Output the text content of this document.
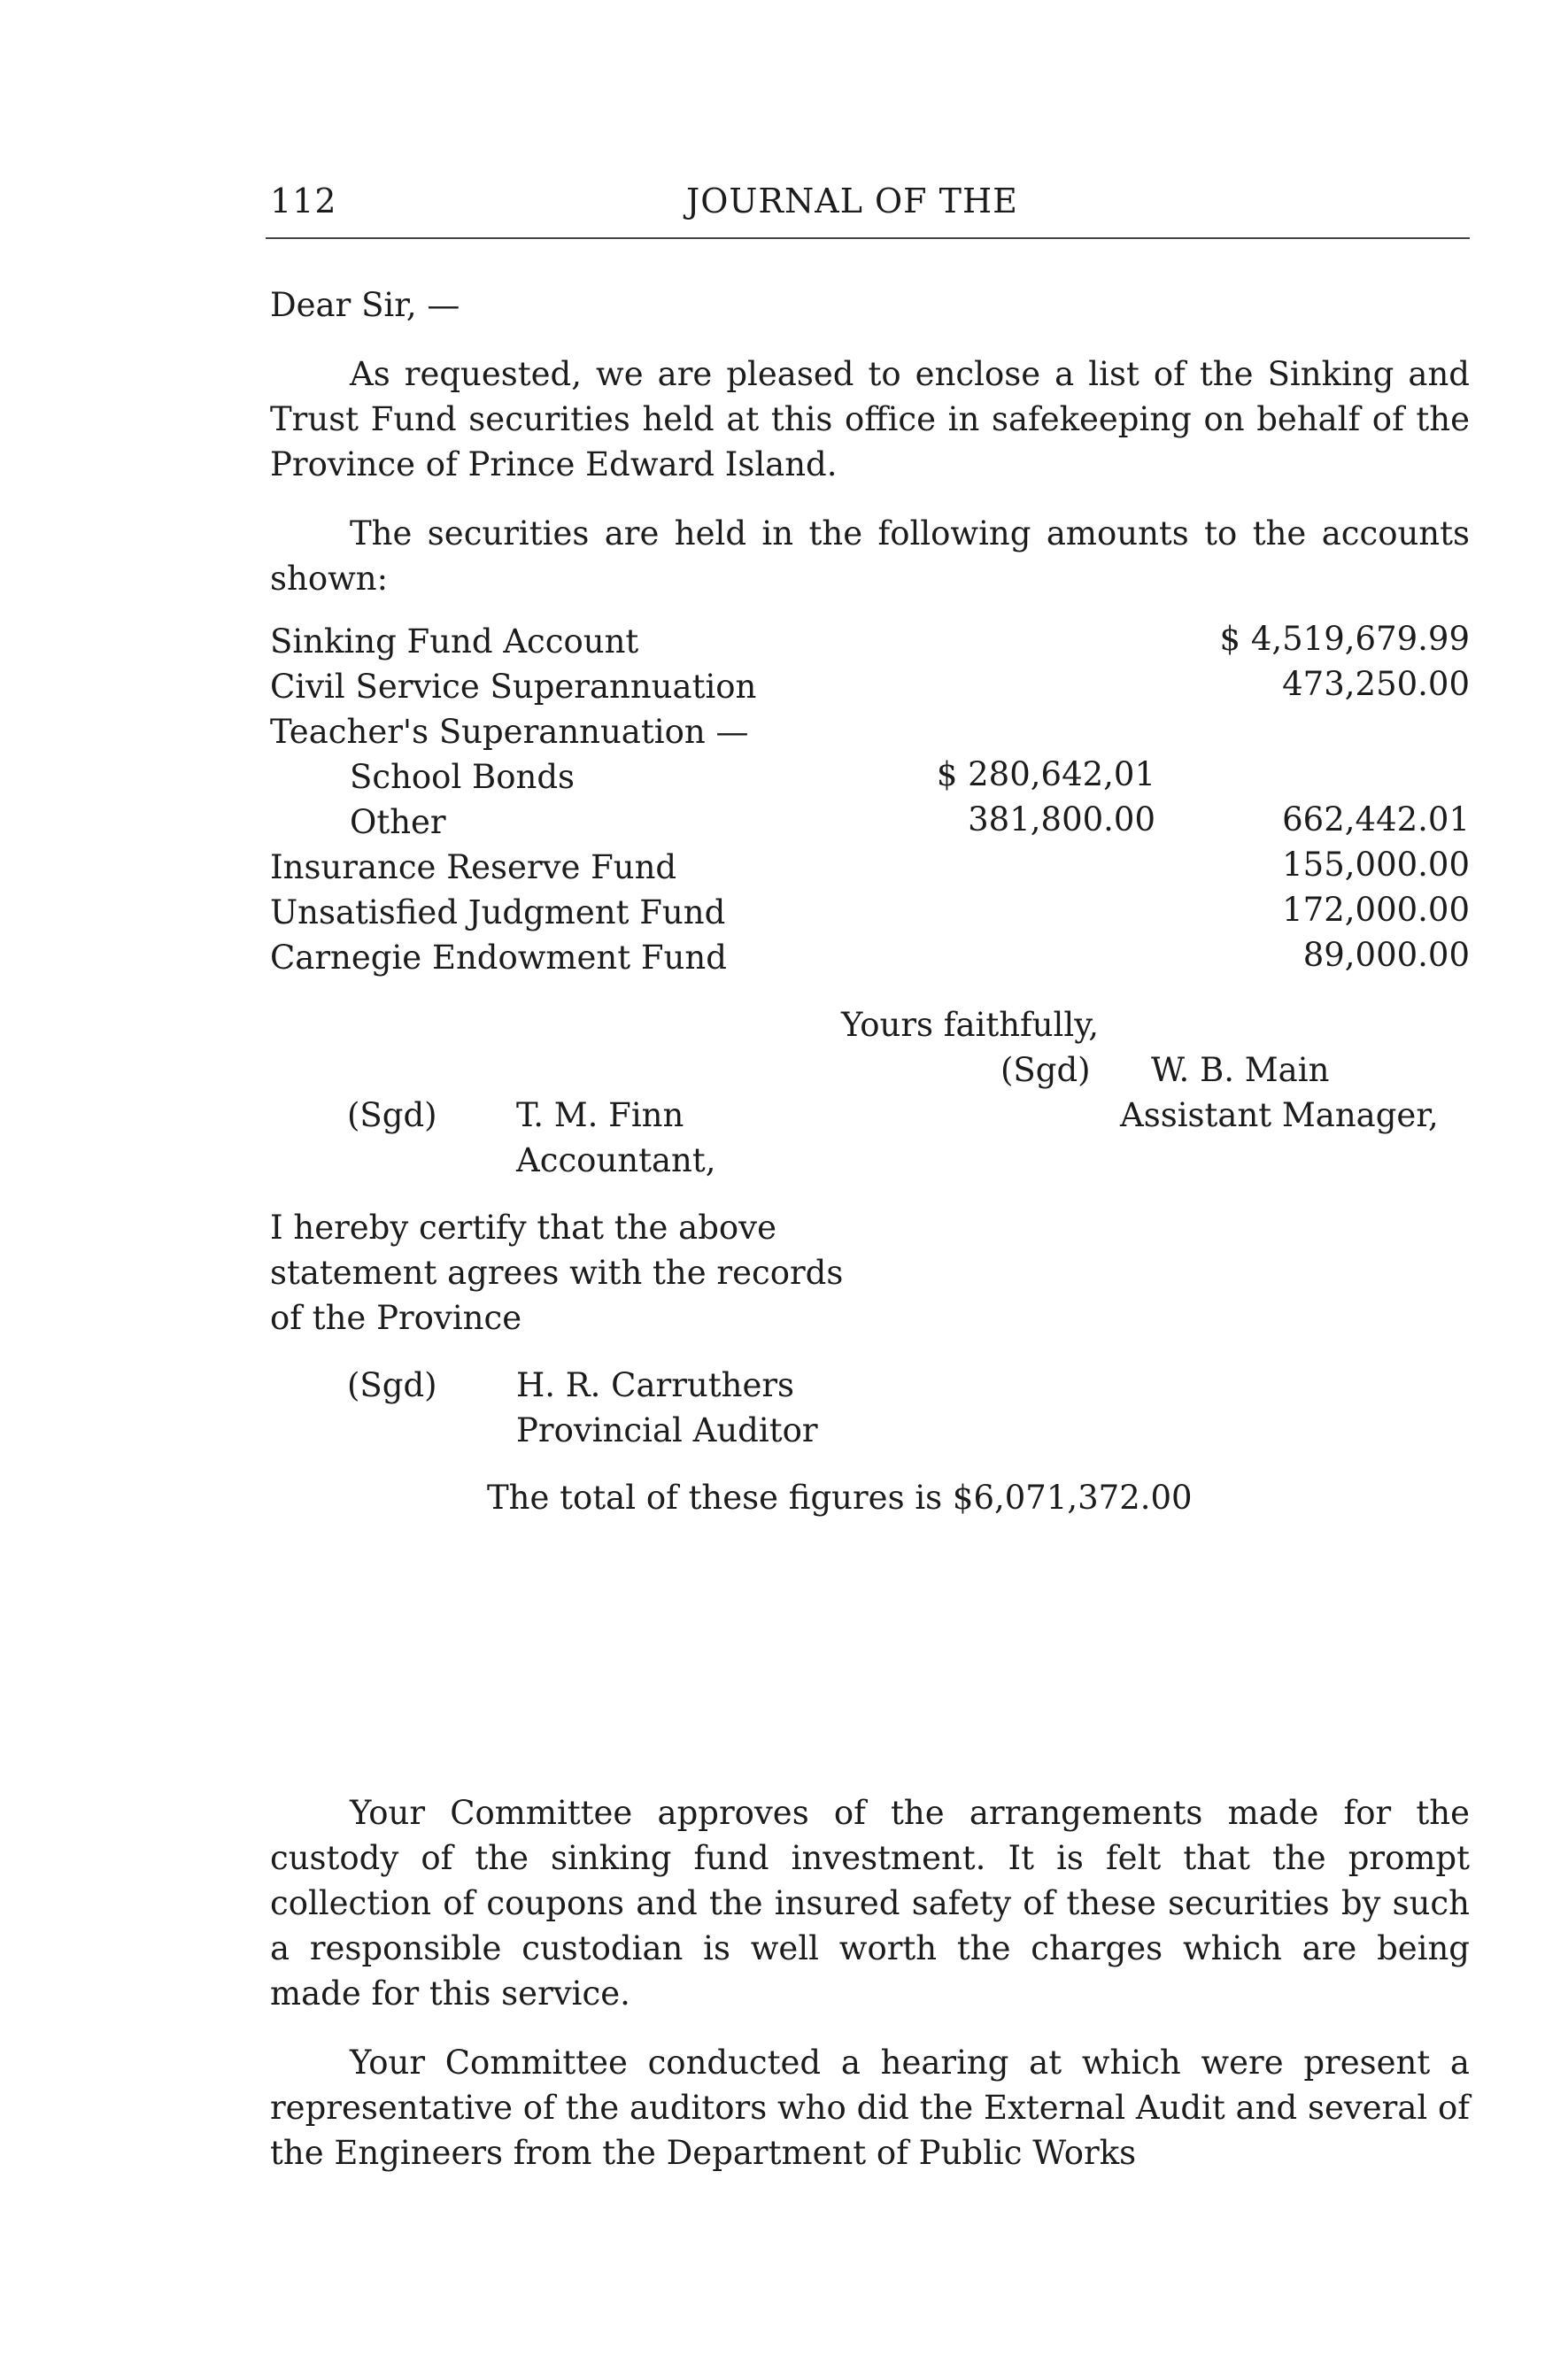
112	JOURNAL OF THE
Dear Sir, —
As requested, we are pleased to enclose a list of the Sinking and Trust Fund securities held at this office in safekeeping on behalf of the Province of Prince Edward Island.
The securities are held in the following amounts to the accounts shown:
Sinking Fund Account	$ 4,519,679.99
Civil Service Superannuation	473,250.00
Teacher's Superannuation —
School Bonds	$ 280,642,01
Other	381,800.00	662,442.01
Insurance Reserve Fund	155,000.00
Unsatisfied Judgment Fund	172,000.00
Carnegie Endowment Fund	89,000.00
Yours faithfully,
(Sgd) W. B. Main
Assistant Manager,
(Sgd) T. M. Finn
Accountant,
I hereby certify that the above
statement agrees with the records
of the Province
(Sgd) H. R. Carruthers
Provincial Auditor
The total of these figures is $6,071,372.00
Your Committee approves of the arrangements made for the custody of the sinking fund investment. It is felt that the prompt collection of coupons and the insured safety of these securities by such a responsible custodian is well worth the charges which are being made for this service.
Your Committee conducted a hearing at which were present a representative of the auditors who did the External Audit and several of the Engineers from the Department of Public Works
